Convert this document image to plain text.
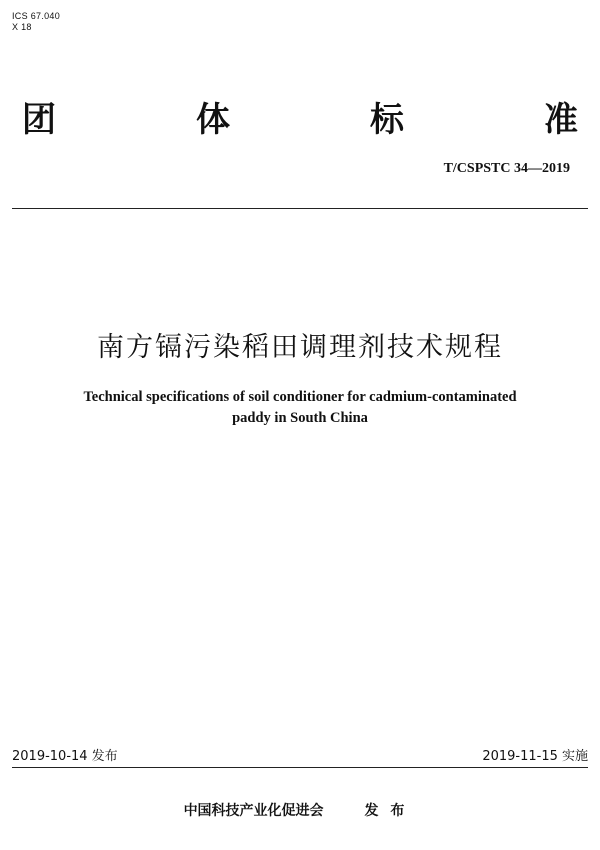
ICS 67.040
X 18
团	体	标	准
T/CSPSTC 34—2019
南方镉污染稻田调理剂技术规程
Technical specifications of soil conditioner for cadmium-contaminated
paddy in South China
2019-10-14 发布	2019-11-15 实施
中国科技产业化促进会	发布
